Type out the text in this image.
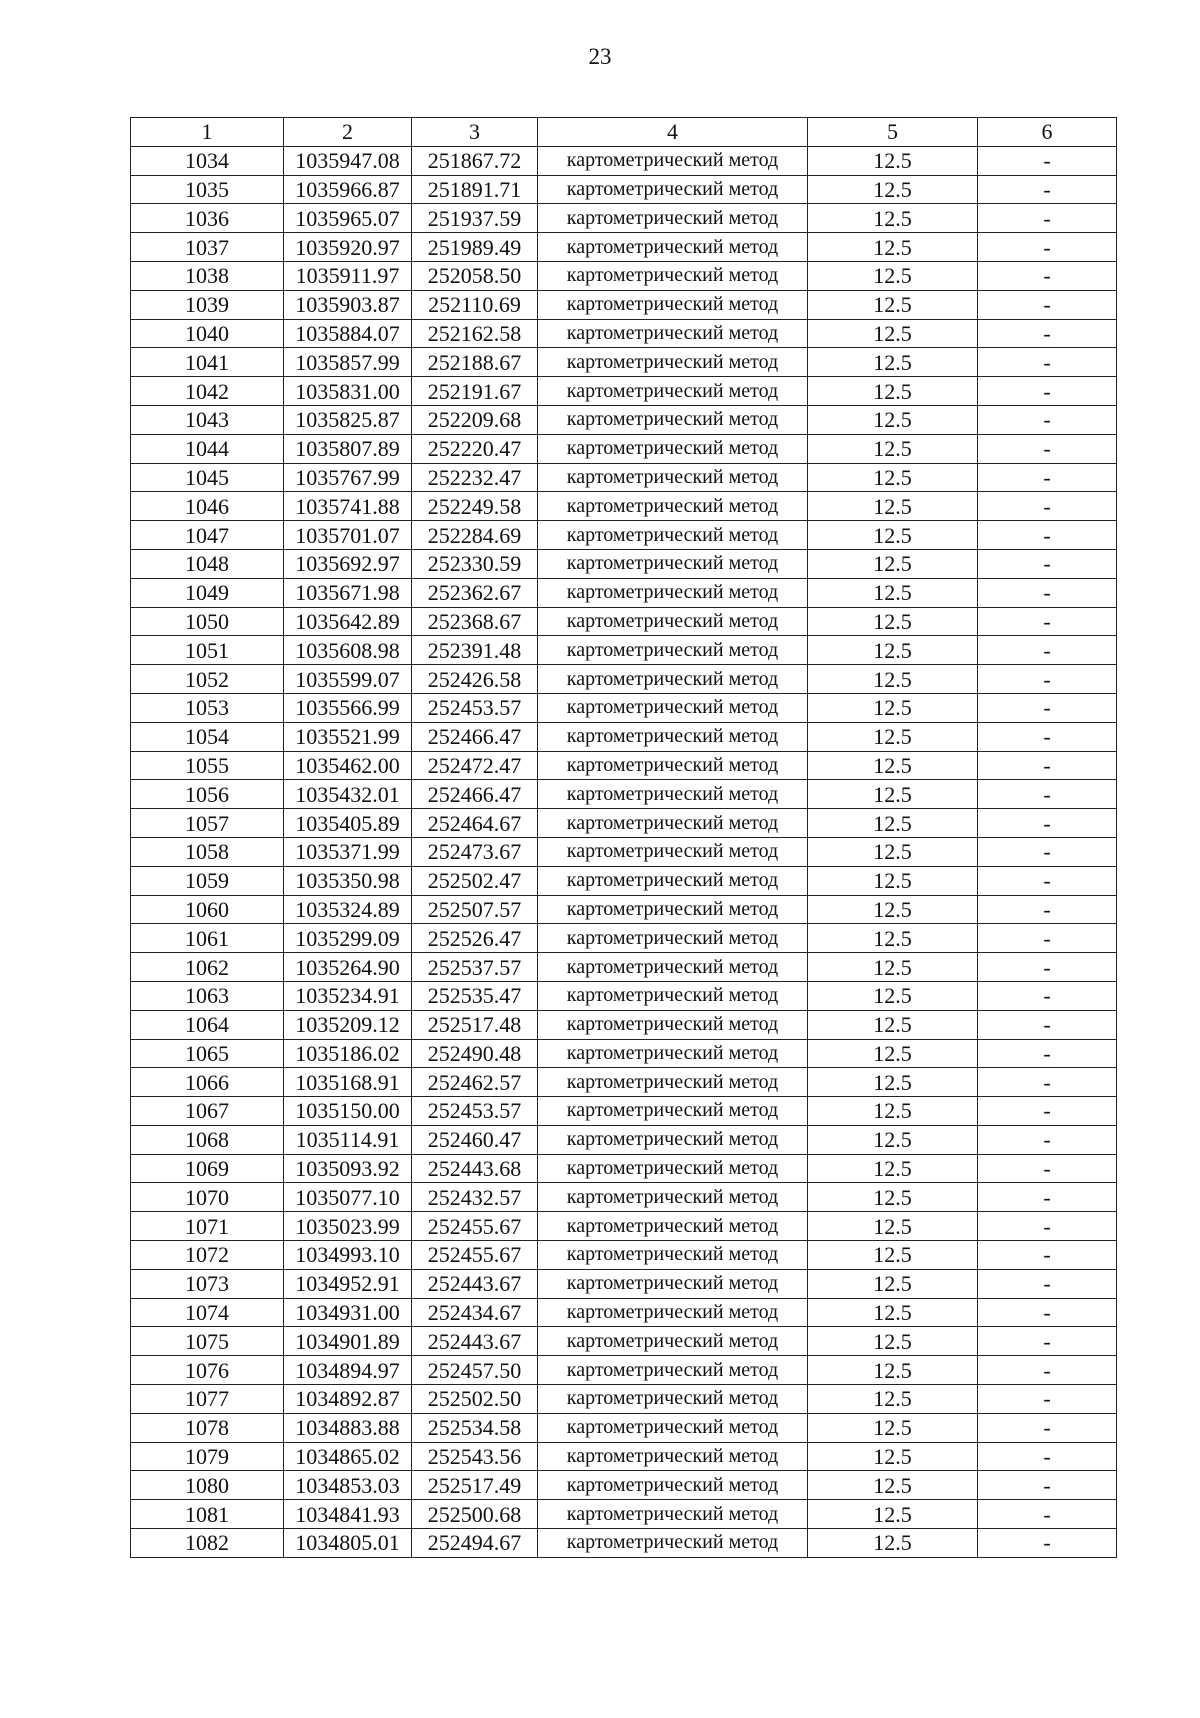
23
1	2	3	4	5	6
1034	1035947.08	251867.72	картометрический метод	12.5	-
1035	1035966.87	251891.71	картометрический метод	12.5	-
1036	1035965.07	251937.59	картометрический метод	12.5	-
1037	1035920.97	251989.49	картометрический метод	12.5	-
1038	1035911.97	252058.50	картометрический метод	12.5	-
1039	1035903.87	252110.69	картометрический метод	12.5	-
1040	1035884.07	252162.58	картометрический метод	12.5	-
1041	1035857.99	252188.67	картометрический метод	12.5	-
1042	1035831.00	252191.67	картометрический метод	12.5	-
1043	1035825.87	252209.68	картометрический метод	12.5	-
1044	1035807.89	252220.47	картометрический метод	12.5	-
1045	1035767.99	252232.47	картометрический метод	12.5	-
1046	1035741.88	252249.58	картометрический метод	12.5	-
1047	1035701.07	252284.69	картометрический метод	12.5	-
1048	1035692.97	252330.59	картометрический метод	12.5	-
1049	1035671.98	252362.67	картометрический метод	12.5	-
1050	1035642.89	252368.67	картометрический метод	12.5	-
1051	1035608.98	252391.48	картометрический метод	12.5	-
1052	1035599.07	252426.58	картометрический метод	12.5	-
1053	1035566.99	252453.57	картометрический метод	12.5	-
1054	1035521.99	252466.47	картометрический метод	12.5	-
1055	1035462.00	252472.47	картометрический метод	12.5	-
1056	1035432.01	252466.47	картометрический метод	12.5	-
1057	1035405.89	252464.67	картометрический метод	12.5	-
1058	1035371.99	252473.67	картометрический метод	12.5	-
1059	1035350.98	252502.47	картометрический метод	12.5	-
1060	1035324.89	252507.57	картометрический метод	12.5	-
1061	1035299.09	252526.47	картометрический метод	12.5	-
1062	1035264.90	252537.57	картометрический метод	12.5	-
1063	1035234.91	252535.47	картометрический метод	12.5	-
1064	1035209.12	252517.48	картометрический метод	12.5	-
1065	1035186.02	252490.48	картометрический метод	12.5	-
1066	1035168.91	252462.57	картометрический метод	12.5	-
1067	1035150.00	252453.57	картометрический метод	12.5	-
1068	1035114.91	252460.47	картометрический метод	12.5	-
1069	1035093.92	252443.68	картометрический метод	12.5	-
1070	1035077.10	252432.57	картометрический метод	12.5	-
1071	1035023.99	252455.67	картометрический метод	12.5	-
1072	1034993.10	252455.67	картометрический метод	12.5	-
1073	1034952.91	252443.67	картометрический метод	12.5	-
1074	1034931.00	252434.67	картометрический метод	12.5	-
1075	1034901.89	252443.67	картометрический метод	12.5	-
1076	1034894.97	252457.50	картометрический метод	12.5	-
1077	1034892.87	252502.50	картометрический метод	12.5	-
1078	1034883.88	252534.58	картометрический метод	12.5	-
1079	1034865.02	252543.56	картометрический метод	12.5	-
1080	1034853.03	252517.49	картометрический метод	12.5	-
1081	1034841.93	252500.68	картометрический метод	12.5	-
1082	1034805.01	252494.67	картометрический метод	12.5	-
